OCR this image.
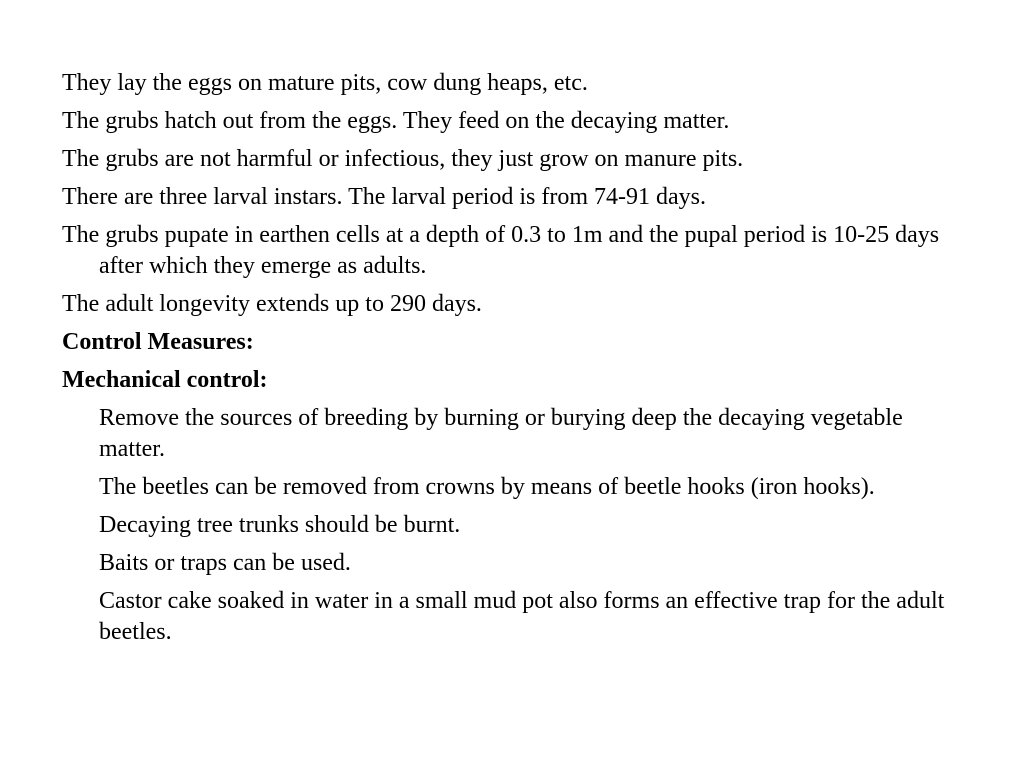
They lay the eggs on mature pits, cow dung heaps, etc.

The grubs hatch out from the eggs. They feed on the decaying matter.

The grubs are not harmful or infectious, they just grow on manure pits.

There are three larval instars. The larval period is from 74-91 days.

The grubs pupate in earthen cells at a depth of 0.3 to 1m and the pupal period is 10-25 days after which they emerge as adults.

The adult longevity extends up to 290 days.

Control Measures:

Mechanical control:

Remove the sources of breeding by burning or burying deep the decaying vegetable matter.

The beetles can be removed from crowns by means of beetle hooks (iron hooks).

Decaying tree trunks should be burnt.

Baits or traps can be used.

Castor cake soaked in water in a small mud pot also forms an effective trap for the adult beetles.
